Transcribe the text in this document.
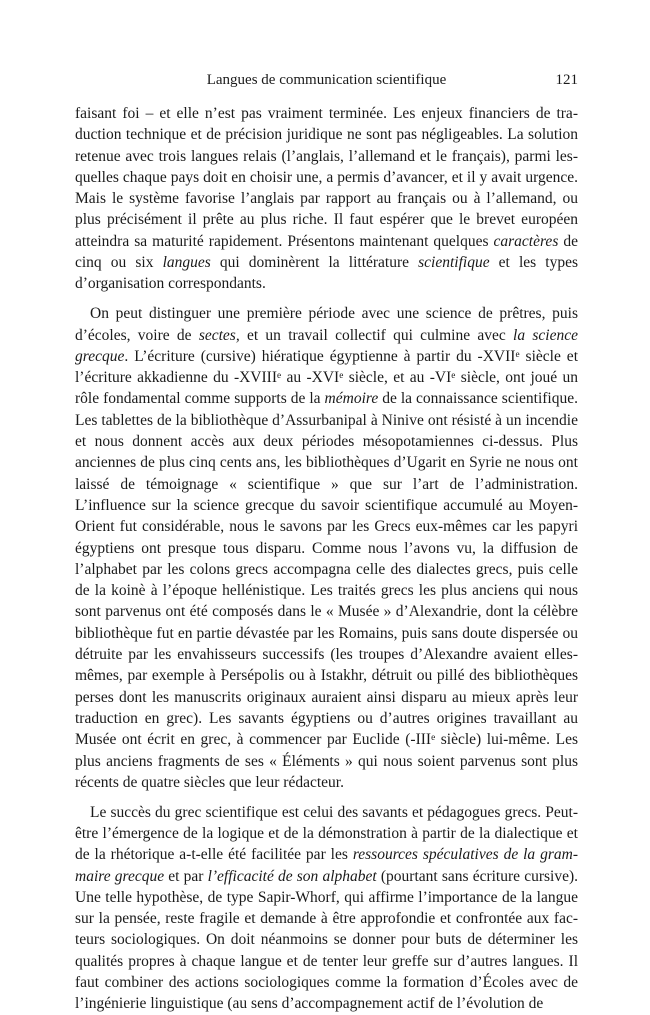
Langues de communication scientifique	121

faisant foi – et elle n’est pas vraiment terminée. Les enjeux financiers de traduction technique et de précision juridique ne sont pas négligeables. La solution retenue avec trois langues relais (l’anglais, l’allemand et le français), parmi lesquelles chaque pays doit en choisir une, a permis d’avancer, et il y avait urgence. Mais le système favorise l’anglais par rapport au français ou à l’allemand, ou plus précisément il prête au plus riche. Il faut espérer que le brevet européen atteindra sa maturité rapidement. Présentons maintenant quelques caractères de cinq ou six langues qui dominèrent la littérature scientifique et les types d’organisation correspondants.

On peut distinguer une première période avec une science de prêtres, puis d’écoles, voire de sectes, et un travail collectif qui culmine avec la science grecque. L’écriture (cursive) hiératique égyptienne à partir du -XVIIe siècle et l’écriture akkadienne du -XVIIIe au -XVIe siècle, et au -VIe siècle, ont joué un rôle fondamental comme supports de la mémoire de la connaissance scientifique. Les tablettes de la bibliothèque d’Assurbanipal à Ninive ont résisté à un incendie et nous donnent accès aux deux périodes mésopotamiennes ci-dessus. Plus anciennes de plus cinq cents ans, les bibliothèques d’Ugarit en Syrie ne nous ont laissé de témoignage « scientifique » que sur l’art de l’administration. L’influence sur la science grecque du savoir scientifique accumulé au Moyen-Orient fut considérable, nous le savons par les Grecs eux-mêmes car les papyri égyptiens ont presque tous disparu. Comme nous l’avons vu, la diffusion de l’alphabet par les colons grecs accompagna celle des dialectes grecs, puis celle de la koinè à l’époque hellénistique. Les traités grecs les plus anciens qui nous sont parvenus ont été composés dans le « Musée » d’Alexandrie, dont la célèbre bibliothèque fut en partie dévastée par les Romains, puis sans doute dispersée ou détruite par les envahisseurs successifs (les troupes d’Alexandre avaient elles-mêmes, par exemple à Persépolis ou à Istakhr, détruit ou pillé des bibliothèques perses dont les manuscrits originaux auraient ainsi disparu au mieux après leur traduction en grec). Les savants égyptiens ou d’autres origines travaillant au Musée ont écrit en grec, à commencer par Euclide (-IIIe siècle) lui-même. Les plus anciens fragments de ses « Éléments » qui nous soient parvenus sont plus récents de quatre siècles que leur rédacteur.

Le succès du grec scientifique est celui des savants et pédagogues grecs. Peut-être l’émergence de la logique et de la démonstration à partir de la dialectique et de la rhétorique a-t-elle été facilitée par les ressources spéculatives de la grammaire grecque et par l’efficacité de son alphabet (pourtant sans écriture cursive). Une telle hypothèse, de type Sapir-Whorf, qui affirme l’importance de la langue sur la pensée, reste fragile et demande à être approfondie et confrontée aux facteurs sociologiques. On doit néanmoins se donner pour buts de déterminer les qualités propres à chaque langue et de tenter leur greffe sur d’autres langues. Il faut combiner des actions sociologiques comme la formation d’Écoles avec de l’ingénierie linguistique (au sens d’accompagnement actif de l’évolution de
